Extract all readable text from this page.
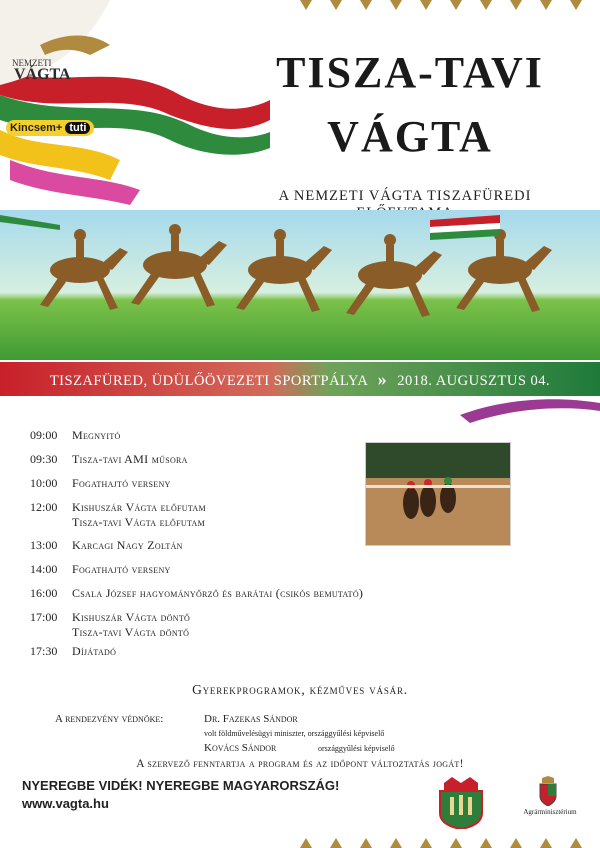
NEMZETI
VÁGTA
Kincsem+ tuti
TISZA-TAVI
VÁGTA
A NEMZETI VÁGTA TISZAFÜREDI
TISZAFÜRED, ÜDÜLŐÖVEZETI SPORTPÁLYA » 2018. AUGUSZTUS 04.
09:00	Megnyitó
09:30	Tisza-tavi AMI műsora
10:00	Fogathajtó verseny
12:00	Kishuszár Vágta előfutam
Tisza-tavi Vágta előfutam
13:00	Karcagi Nagy Zoltán
14:00	Fogathajtó verseny
16:00	Csala József hagyományőrző és barátai (csikós bemutató)
17:00	Kishuszár Vágta döntő
Tisza-tavi Vágta döntő
17:30	Díjátadó
Gyerekprogramok, kézműves vásár.
A rendezvény védnöke:	Dr. Fazekas Sándor
volt földművelésügyi miniszter, országgyűlési képviselő
Kovács Sándor	országgyűlési képviselő
A szervező fenntartja a program és az időpont változtatás jogát!
NYEREGBE VIDÉK! NYEREGBE MAGYARORSZÁG!
www.vagta.hu
Agrárminisztérium
